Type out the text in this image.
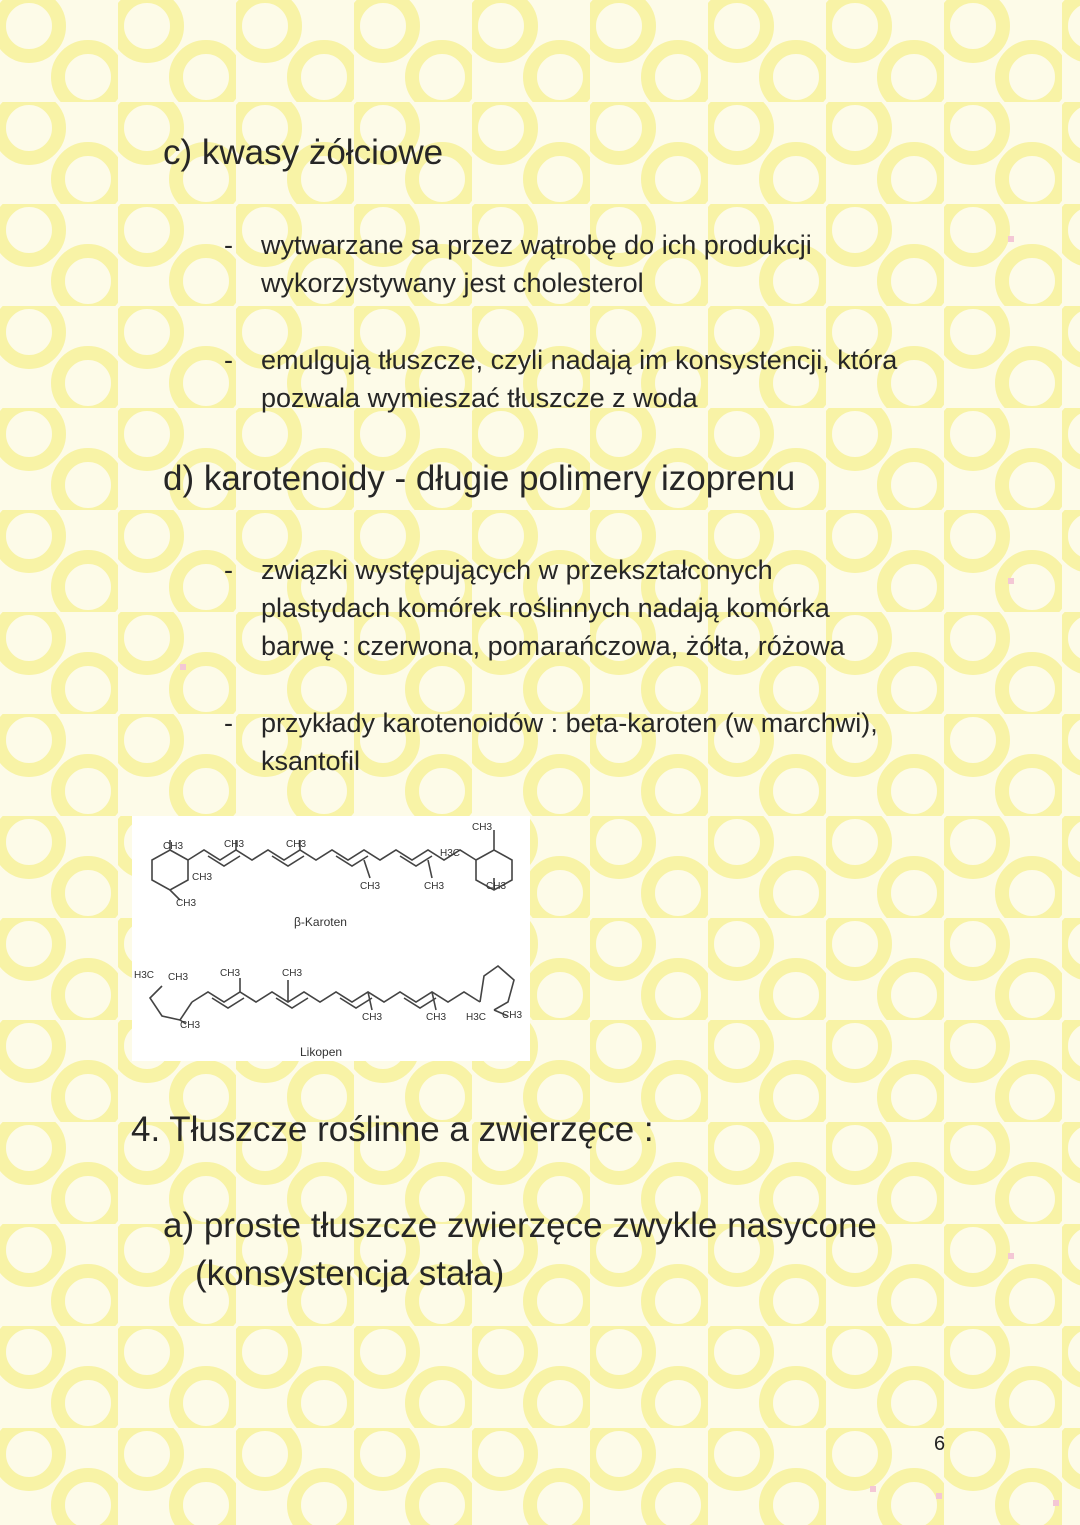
c) kwasy żółciowe
-	wytwarzane sa przez wątrobę do ich produkcji
wykorzystywany jest cholesterol
-	emulgują tłuszcze, czyli nadają im konsystencji, która
pozwala wymieszać tłuszcze z woda
d) karotenoidy - długie polimery izoprenu
-	związki występujących w przekształconych
plastydach komórek roślinnych nadają komórka
barwę : czerwona, pomarańczowa, żółta, różowa
-	przykłady karotenoidów : beta-karoten (w marchwi),
ksantofil
CH3
CH3
CH3
CH3	CH3
CH3
H3C
CH3
CH3
CH3
β-Karoten
H3C CH3
CH3
CH3	CH3
CH3	CH3 H3C CH3
Likopen
4. Tłuszcze roślinne a zwierzęce :
a) proste tłuszcze zwierzęce zwykle nasycone
(konsystencja stała)
6
